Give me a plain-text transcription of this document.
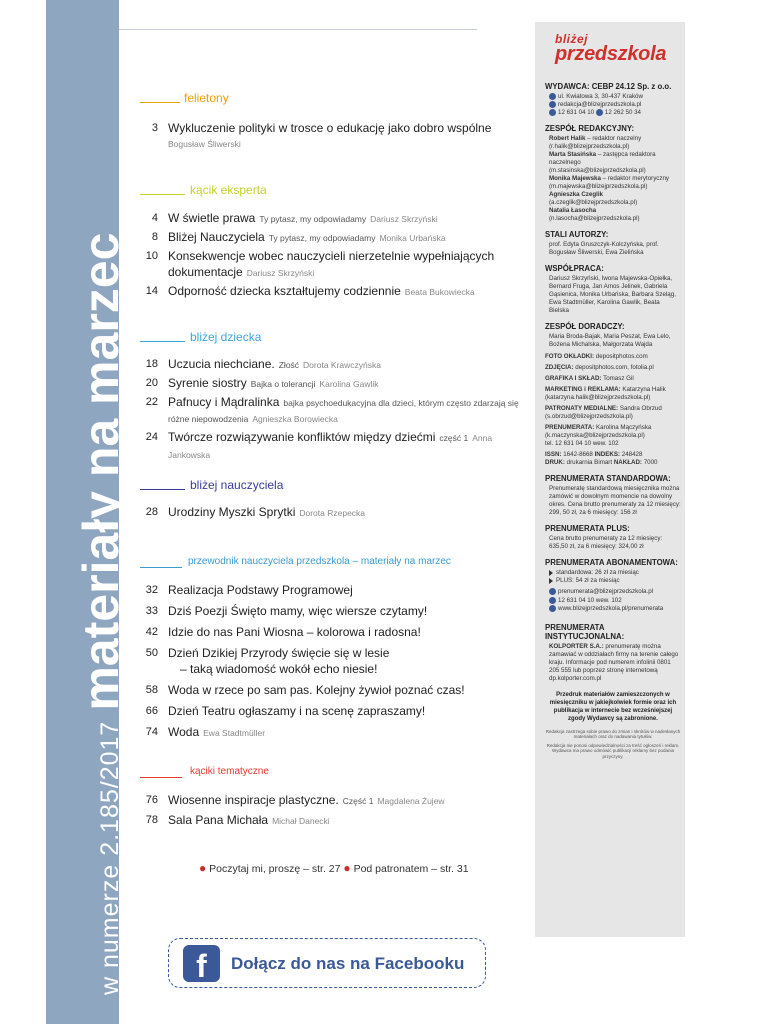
w numerze 2.185/2017materiały na marzec
felietony
3 Wykluczenie polityki w trosce o edukację jako dobro wspólne
Bogusław Śliwerski
kącik eksperta
4 W świetle prawa Ty pytasz, my odpowiadamy Dariusz Skrzyński
8 Bliżej Nauczyciela Ty pytasz, my odpowiadamy Monika Urbańska
10 Konsekwencje wobec nauczycieli nierzetelnie wypełniających
dokumentacje Dariusz Skrzyński
14 Odporność dziecka kształtujemy codziennie Beata Bukowiecka
bliżej dziecka
18 Uczucia niechciane. Złość Dorota Krawczyńska
20 Syrenie siostry Bajka o tolerancji Karolina Gawlik
22 Pafnucy i Mądralinka bajka psychoedukacyjna dla dzieci, którym często zdarzają się
różne niepowodzenia Agnieszka Borowiecka
24 Twórcze rozwiązywanie konfliktów między dziećmi część 1 Anna Jankowska
bliżej nauczyciela
28 Urodziny Myszki Sprytki Dorota Rzepecka
przewodnik nauczyciela przedszkola – materiały na marzec
32 Realizacja Podstawy Programowej
33 Dziś Poezji Święto mamy, więc wiersze czytamy!
42 Idzie do nas Pani Wiosna – kolorowa i radosna!
50 Dzień Dzikiej Przyrody święcie się w lesie
– taką wiadomość wokół echo niesie!
58 Woda w rzece po sam pas. Kolejny żywioł poznać czas!
66 Dzień Teatru ogłaszamy i na scenę zapraszamy!
74 Woda Ewa Stadtmüller
kąciki tematyczne
76 Wiosenne inspiracje plastyczne. Część 1 Magdalena Żujew
78 Sala Pana Michała Michał Danecki
● Poczytaj mi, proszę – str. 27 ● Pod patronatem – str. 31
f	Dołącz do nas na Facebooku
bliżej
przedszkola
WYDAWCA: CEBP 24.12 Sp. z o.o.
ul. Kwiatowa 3, 30-437 Kraków
redakcja@blizejprzedszkola.pl
12 631 04 10 12 262 50 34
ZESPÓŁ REDAKCYJNY:
Robert Halik – redaktor naczelny
(r.halik@blizejprzedszkola.pl)
Marta Stasińska – zastępca redaktora naczelnego
(m.stasinska@blizejprzedszkola.pl)
Monika Majewska – redaktor merytoryczny
(m.majewska@blizejprzedszkola.pl)
Agnieszka Czeglik
(a.czeglik@blizejprzedszkola.pl)
Natalia Łasocha
(n.lasocha@blizejprzedszkola.pl)
STALI AUTORZY:
prof. Edyta Gruszczyk-Kolczyńska, prof. Bogusław Śliwerski, Ewa Zielińska
WSPÓŁPRACA:
Dariusz Skrzyński, Iwona Majewska-Opiełka, Bernard Fruga, Jan Amos Jelinek, Gabriela Gąsienica, Monika Urbańska, Barbara Szeląg, Ewa Stadtmüller, Karolina Gawlik, Beata Bielska
ZESPÓŁ DORADCZY:
Maria Broda-Bajak, Maria Peszat, Ewa Lelo, Bożena Michalska, Małgorzata Wajda
FOTO OKŁADKI: depositphotos.com
ZDJĘCIA: depositphotos.com, fotolia.pl
GRAFIKA I SKŁAD: Tomasz Gil
MARKETING i REKLAMA: Katarzyna Halik (katarzyna.halik@blizejprzedszkola.pl)
PATRONATY MEDIALNE: Sandra Obrzud (s.obrzud@blizejprzedszkola.pl)
PRENUMERATA: Karolina Mączyńska (k.maczynska@blizejprzedszkola.pl)
tel. 12 631 04 10 wew. 102
ISSN: 1642-8668 INDEKS: 248428
DRUK: drukarnia Bimart NAKŁAD: 7000
PRENUMERATA STANDARDOWA:
Prenumeratę standardową miesięcznika można zamówić w dowolnym momencie na dowolny okres. Cena brutto prenumeraty za 12 miesięcy: 299, 50 zł, za 6 miesięcy: 156 zł
PRENUMERATA PLUS:
Cena brutto prenumeraty za 12 miesięcy: 635,50 zł, za 6 miesięcy: 324,00 zł
PRENUMERATA ABONAMENTOWA:
standardowa: 26 zł za miesiąc
PLUS: 54 zł za miesiąc
prenumerata@blizejprzedszkola.pl
12 631 04 10 wew. 102
www.blizejprzedszkola.pl/prenumerata
PRENUMERATA INSTYTUCJONALNA:
KOLPORTER S.A.: prenumeratę można zamawiać w oddziałach firmy na terenie całego kraju. Informacje pod numerem infolinii 0801 205 555 lub poprzez stronę internetową dp.kolporter.com.pl
Przedruk materiałów zamieszczonych w miesięczniku w jakiejkolwiek formie oraz ich publikacja w internecie bez wcześniejszej zgody Wydawcy są zabronione.
Redakcja zastrzega sobie prawo do zmian i skrótów w nadesłanych materiałach oraz do nadawania tytułów.
Redakcja nie ponosi odpowiedzialności za treść ogłoszeń i reklam. Wydawca ma prawo odmówić publikacji reklamy bez podania przyczyny.
